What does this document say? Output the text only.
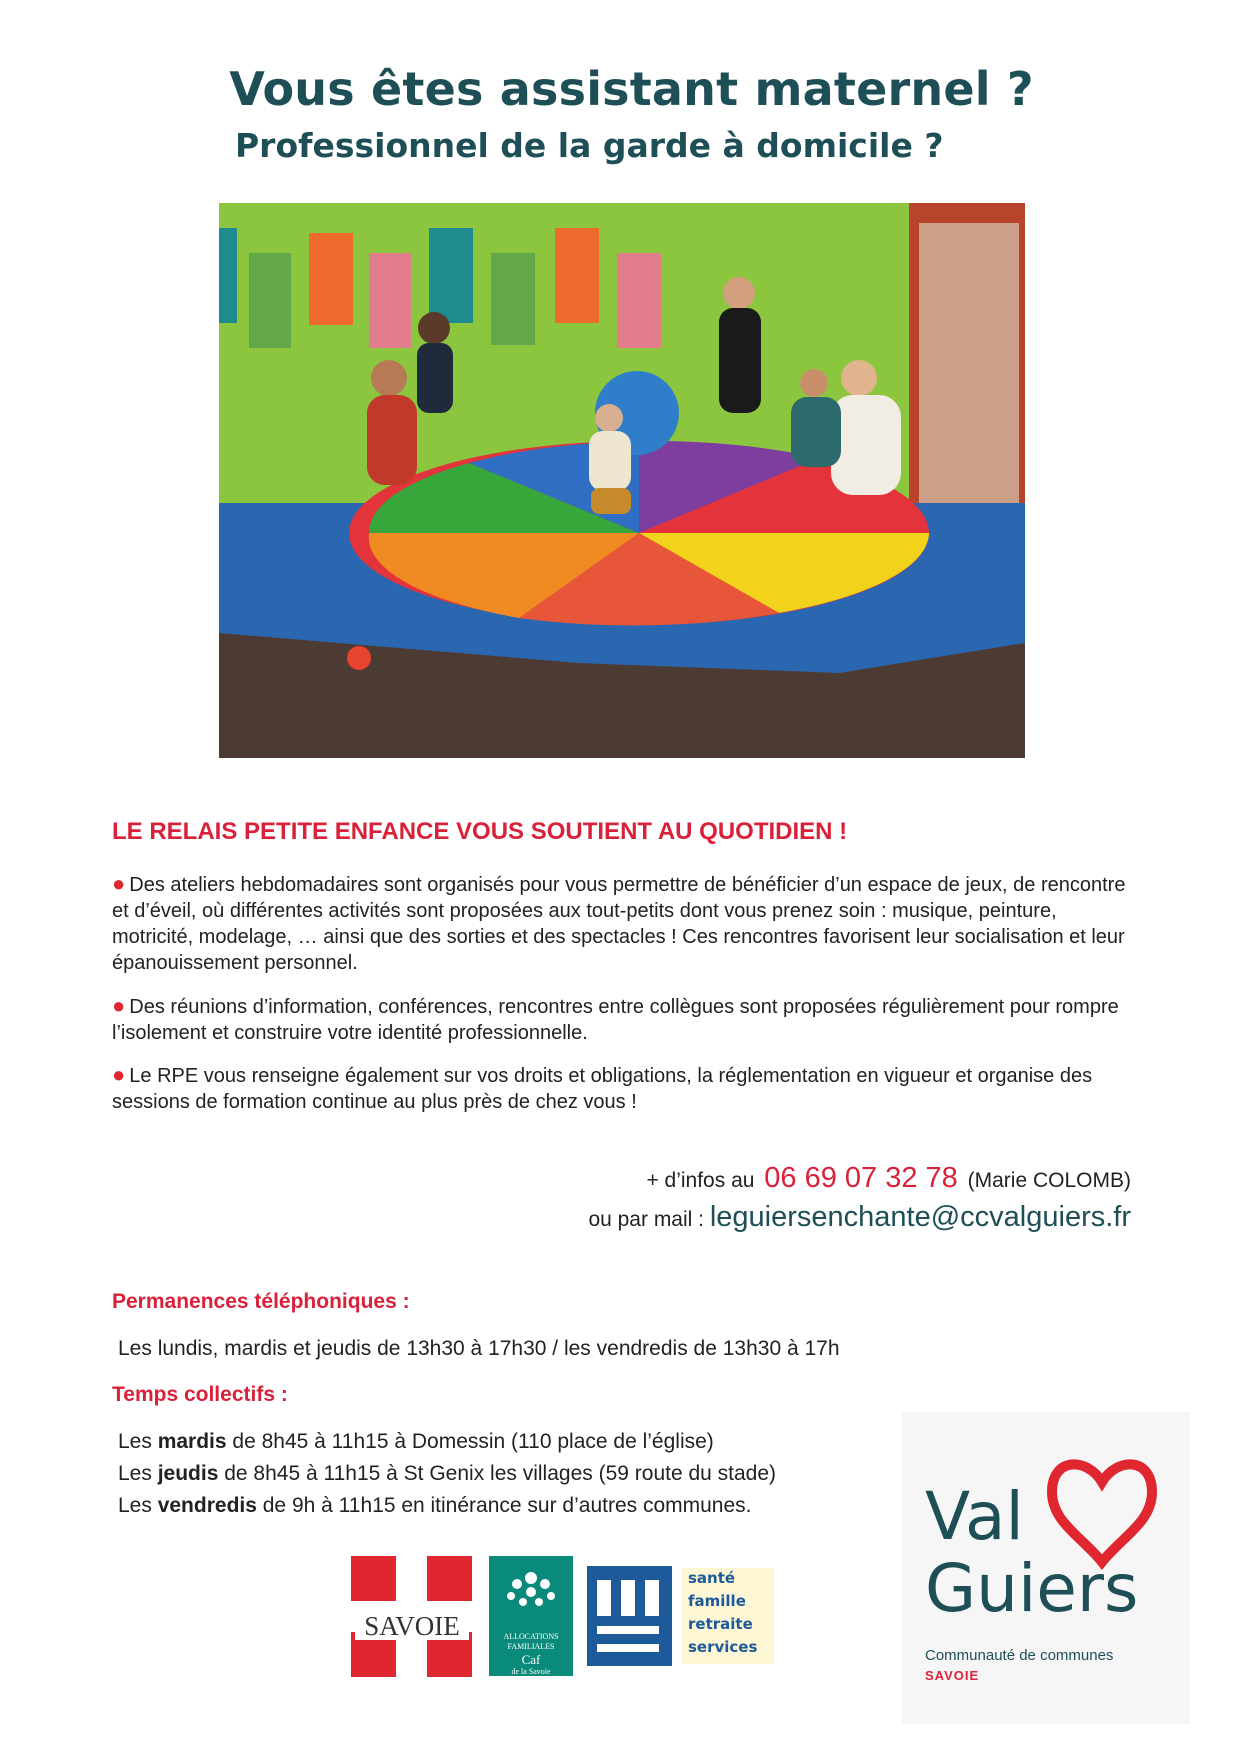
Vous êtes assistant maternel ?
Professionnel de la garde à domicile ?
LE RELAIS PETITE ENFANCE VOUS SOUTIENT AU QUOTIDIEN !
● Des ateliers hebdomadaires sont organisés pour vous permettre de bénéficier d’un espace de jeux, de rencontre et d’éveil, où différentes activités sont proposées aux tout-petits dont vous prenez soin : musique, peinture, motricité, modelage, … ainsi que des sorties et des spectacles ! Ces rencontres favorisent leur socialisation et leur épanouissement personnel.
● Des réunions d’information, conférences, rencontres entre collègues sont proposées régulièrement pour rompre l’isolement et construire votre identité professionnelle.
● Le RPE vous renseigne également sur vos droits et obligations, la réglementation en vigueur et organise des sessions de formation continue au plus près de chez vous !
+ d’infos au 06 69 07 32 78 (Marie COLOMB)
ou par mail : leguiersenchante@ccvalguiers.fr
Permanences téléphoniques :
Les lundis, mardis et jeudis de 13h30 à 17h30 / les vendredis de 13h30 à 17h
Temps collectifs :
Les mardis de 8h45 à 11h15 à Domessin (110 place de l’église)
Les jeudis de 8h45 à 11h15 à St Genix les villages (59 route du stade)
Les vendredis de 9h à 11h15 en itinérance sur d’autres communes.
SAVOIE	ALLOCATIONS
FAMILIALES
Caf
de la Savoie
santé
famille
retraite
services
Val
Guiers
Communauté de communes
SAVOIE
